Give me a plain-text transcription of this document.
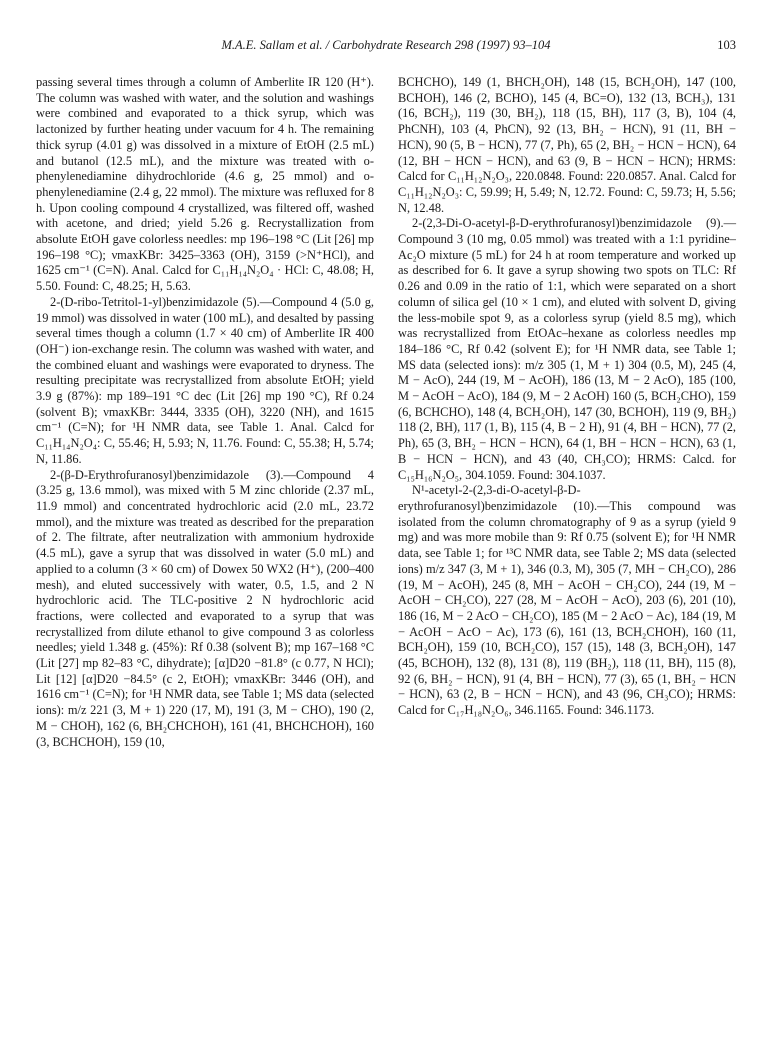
M.A.E. Sallam et al. / Carbohydrate Research 298 (1997) 93–104	103

passing several times through a column of Amberlite IR 120 (H⁺). The column was washed with water, and the solution and washings were combined and evaporated to a thick syrup, which was lactonized by further heating under vacuum for 4 h. The remaining thick syrup (4.01 g) was dissolved in a mixture of EtOH (2.5 mL) and butanol (12.5 mL), and the mixture was treated with o-phenylenediamine dihydrochloride (4.6 g, 25 mmol) and o-phenylenediamine (2.4 g, 22 mmol). The mixture was refluxed for 8 h. Upon cooling compound 4 crystallized, was filtered off, washed with acetone, and dried; yield 5.26 g. Recrystallization from absolute EtOH gave colorless needles: mp 196–198 °C (Lit [26] mp 196–198 °C); νmaxKBr: 3425–3363 (OH), 3159 (>N⁺HCl), and 1625 cm⁻¹ (C=N). Anal. Calcd for C₁₁H₁₄N₂O₄ · HCl: C, 48.08; H, 5.50. Found: C, 48.25; H, 5.63.

2-(D-ribo-Tetritol-1-yl)benzimidazole (5).—Compound 4 (5.0 g, 19 mmol) was dissolved in water (100 mL), and desalted by passing several times though a column (1.7 × 40 cm) of Amberlite IR 400 (OH⁻) ion-exchange resin. The column was washed with water, and the combined eluant and washings were evaporated to dryness. The resulting precipitate was recrystallized from absolute EtOH; yield 3.9 g (87%): mp 189–191 °C dec (Lit [26] mp 190 °C), Rf 0.24 (solvent B); νmaxKBr: 3444, 3335 (OH), 3220 (NH), and 1615 cm⁻¹ (C=N); for ¹H NMR data, see Table 1. Anal. Calcd for C₁₁H₁₄N₂O₄: C, 55.46; H, 5.93; N, 11.76. Found: C, 55.38; H, 5.74; N, 11.86.

2-(β-D-Erythrofuranosyl)benzimidazole (3).—Compound 4 (3.25 g, 13.6 mmol), was mixed with 5 M zinc chloride (2.37 mL, 11.9 mmol) and concentrated hydrochloric acid (2.0 mL, 23.72 mmol), and the mixture was treated as described for the preparation of 2. The filtrate, after neutralization with ammonium hydroxide (4.5 mL), gave a syrup that was dissolved in water (5.0 mL) and applied to a column (3 × 60 cm) of Dowex 50 WX2 (H⁺), (200–400 mesh), and eluted successively with water, 0.5, 1.5, and 2 N hydrochloric acid. The TLC-positive 2 N hydrochloric acid fractions, were collected and evaporated to a syrup that was recrystallized from dilute ethanol to give compound 3 as colorless needles; yield 1.348 g. (45%): Rf 0.38 (solvent B); mp 167–168 °C (Lit [27] mp 82–83 °C, dihydrate); [α]D20 −81.8° (c 0.77, N HCl); Lit [12] [α]D20 −84.5° (c 2, EtOH); νmaxKBr: 3446 (OH), and 1616 cm⁻¹ (C=N); for ¹H NMR data, see Table 1; MS data (selected ions): m/z 221 (3, M + 1) 220 (17, M), 191 (3, M − CHO), 190 (2, M − CHOH), 162 (6, BH₂CHCHOH), 161 (41, BHCHCHOH), 160 (3, BCHCHOH), 159 (10,

BCHCHO), 149 (1, BHCH₂OH), 148 (15, BCH₂OH), 147 (100, BCHOH), 146 (2, BCHO), 145 (4, BC=O), 132 (13, BCH₃), 131 (16, BCH₂), 119 (30, BH₂), 118 (15, BH), 117 (3, B), 104 (4, PhCNH), 103 (4, PhCN), 92 (13, BH₂ − HCN), 91 (11, BH − HCN), 90 (5, B − HCN), 77 (7, Ph), 65 (2, BH₂ − HCN − HCN), 64 (12, BH − HCN − HCN), and 63 (9, B − HCN − HCN); HRMS: Calcd for C₁₁H₁₂N₂O₃, 220.0848. Found: 220.0857. Anal. Calcd for C₁₁H₁₂N₂O₃: C, 59.99; H, 5.49; N, 12.72. Found: C, 59.73; H, 5.56; N, 12.48.

2-(2,3-Di-O-acetyl-β-D-erythrofuranosyl)benzimidazole (9).—Compound 3 (10 mg, 0.05 mmol) was treated with a 1:1 pyridine–Ac₂O mixture (5 mL) for 24 h at room temperature and worked up as described for 6. It gave a syrup showing two spots on TLC: Rf 0.26 and 0.09 in the ratio of 1:1, which were separated on a short column of silica gel (10 × 1 cm), and eluted with solvent D, giving the less-mobile spot 9, as a colorless syrup (yield 8.5 mg), which was recrystallized from EtOAc–hexane as colorless needles mp 184–186 °C, Rf 0.42 (solvent E); for ¹H NMR data, see Table 1; MS data (selected ions): m/z 305 (1, M + 1) 304 (0.5, M), 245 (4, M − AcO), 244 (19, M − AcOH), 186 (13, M − 2 AcO), 185 (100, M − AcOH − AcO), 184 (9, M − 2 AcOH) 160 (5, BCH₂CHO), 159 (6, BCHCHO), 148 (4, BCH₂OH), 147 (30, BCHOH), 119 (9, BH₂) 118 (2, BH), 117 (1, B), 115 (4, B − 2 H), 91 (4, BH − HCN), 77 (2, Ph), 65 (3, BH₂ − HCN − HCN), 64 (1, BH − HCN − HCN), 63 (1, B − HCN − HCN), and 43 (40, CH₃CO); HRMS: Calcd. for C₁₅H₁₆N₂O₅, 304.1059. Found: 304.1037.

N¹-acetyl-2-(2,3-di-O-acetyl-β-D-erythrofuranosyl)benzimidazole (10).—This compound was isolated from the column chromatography of 9 as a syrup (yield 9 mg) and was more mobile than 9: Rf 0.75 (solvent E); for ¹H NMR data, see Table 1; for ¹³C NMR data, see Table 2; MS data (selected ions) m/z 347 (3, M + 1), 346 (0.3, M), 305 (7, MH − CH₂CO), 286 (19, M − AcOH), 245 (8, MH − AcOH − CH₂CO), 244 (19, M − AcOH − CH₂CO), 227 (28, M − AcOH − AcO), 203 (6), 201 (10), 186 (16, M − 2 AcO − CH₂CO), 185 (M − 2 AcO − Ac), 184 (19, M − AcOH − AcO − Ac), 173 (6), 161 (13, BCH₂CHOH), 160 (11, BCH₂OH), 159 (10, BCH₂CO), 157 (15), 148 (3, BCH₂OH), 147 (45, BCHOH), 132 (8), 131 (8), 119 (BH₂), 118 (11, BH), 115 (8), 92 (6, BH₂ − HCN), 91 (4, BH − HCN), 77 (3), 65 (1, BH₂ − HCN − HCN), 63 (2, B − HCN − HCN), and 43 (96, CH₃CO); HRMS: Calcd for C₁₇H₁₈N₂O₆, 346.1165. Found: 346.1173.
